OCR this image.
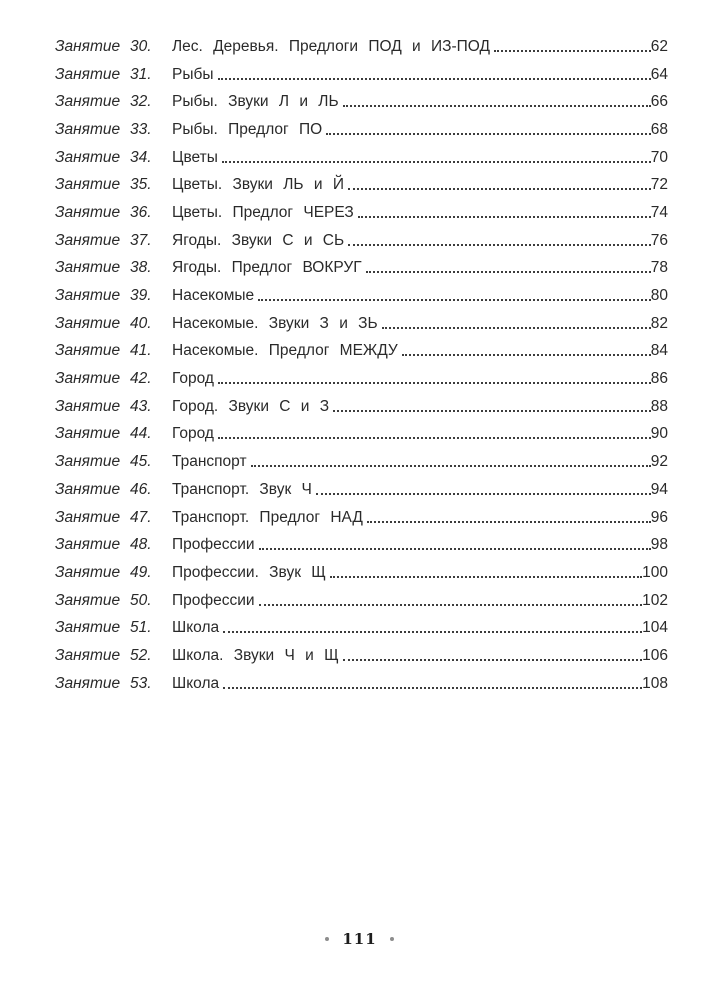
Занятие 30.	Лес. Деревья. Предлоги ПОД и ИЗ-ПОД	62
Занятие 31.	Рыбы	64
Занятие 32.	Рыбы. Звуки Л и ЛЬ	66
Занятие 33.	Рыбы. Предлог ПО	68
Занятие 34.	Цветы	70
Занятие 35.	Цветы. Звуки ЛЬ и Й	72
Занятие 36.	Цветы. Предлог ЧЕРЕЗ	74
Занятие 37.	Ягоды. Звуки С и СЬ	76
Занятие 38.	Ягоды. Предлог ВОКРУГ	78
Занятие 39.	Насекомые	80
Занятие 40.	Насекомые. Звуки З и ЗЬ	82
Занятие 41.	Насекомые. Предлог МЕЖДУ	84
Занятие 42.	Город	86
Занятие 43.	Город. Звуки С и З	88
Занятие 44.	Город	90
Занятие 45.	Транспорт	92
Занятие 46.	Транспорт. Звук Ч	94
Занятие 47.	Транспорт. Предлог НАД	96
Занятие 48.	Профессии	98
Занятие 49.	Профессии. Звук Щ	100
Занятие 50.	Профессии	102
Занятие 51.	Школа	104
Занятие 52.	Школа. Звуки Ч и Щ	106
Занятие 53.	Школа	108
111
